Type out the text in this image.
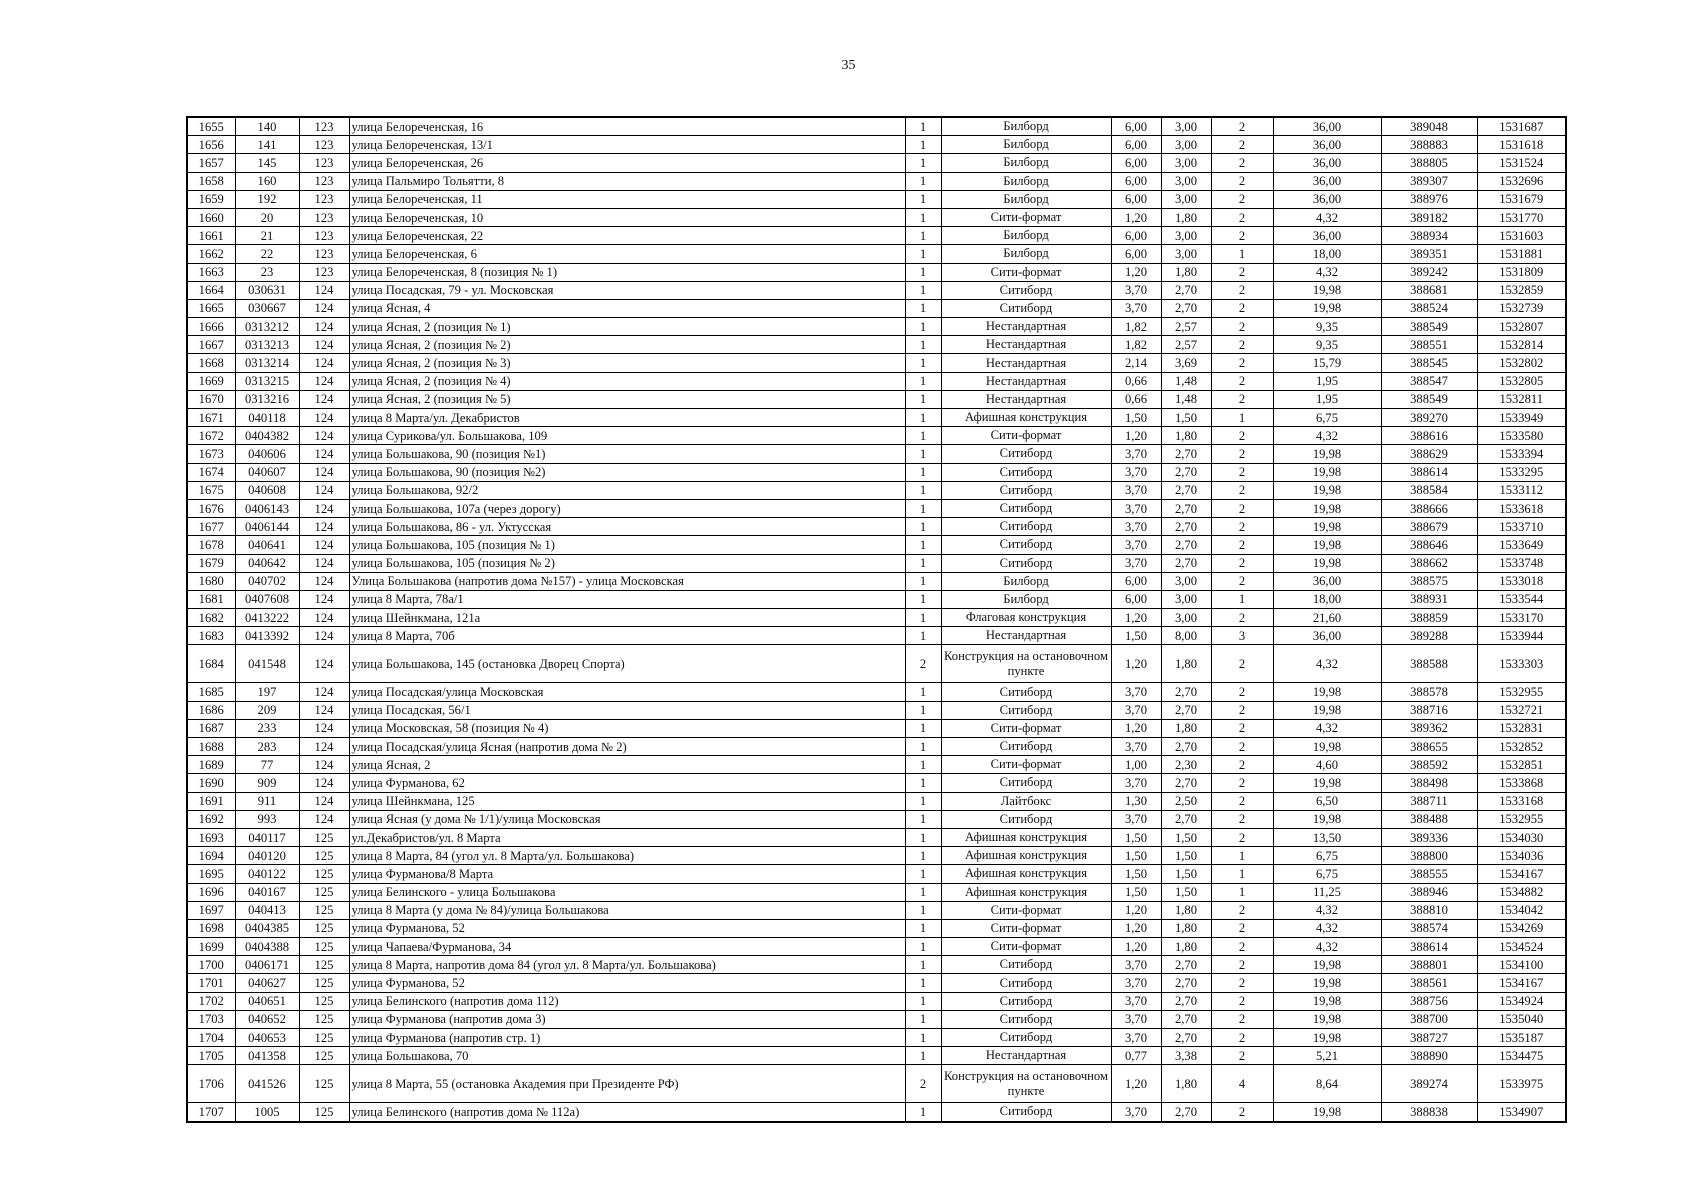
35
1655	140	123	улица Белореченская, 16	1	Билборд	6,00	3,00	2	36,00	389048	1531687
1656	141	123	улица Белореченская, 13/1	1	Билборд	6,00	3,00	2	36,00	388883	1531618
1657	145	123	улица Белореченская, 26	1	Билборд	6,00	3,00	2	36,00	388805	1531524
1658	160	123	улица Пальмиро Тольятти, 8	1	Билборд	6,00	3,00	2	36,00	389307	1532696
1659	192	123	улица Белореченская, 11	1	Билборд	6,00	3,00	2	36,00	388976	1531679
1660	20	123	улица Белореченская, 10	1	Сити-формат	1,20	1,80	2	4,32	389182	1531770
1661	21	123	улица Белореченская, 22	1	Билборд	6,00	3,00	2	36,00	388934	1531603
1662	22	123	улица Белореченская, 6	1	Билборд	6,00	3,00	1	18,00	389351	1531881
1663	23	123	улица Белореченская, 8 (позиция № 1)	1	Сити-формат	1,20	1,80	2	4,32	389242	1531809
1664	030631	124	улица Посадская, 79 - ул. Московская	1	Ситиборд	3,70	2,70	2	19,98	388681	1532859
1665	030667	124	улица Ясная, 4	1	Ситиборд	3,70	2,70	2	19,98	388524	1532739
1666	0313212	124	улица Ясная, 2 (позиция № 1)	1	Нестандартная	1,82	2,57	2	9,35	388549	1532807
1667	0313213	124	улица Ясная, 2 (позиция № 2)	1	Нестандартная	1,82	2,57	2	9,35	388551	1532814
1668	0313214	124	улица Ясная, 2 (позиция № 3)	1	Нестандартная	2,14	3,69	2	15,79	388545	1532802
1669	0313215	124	улица Ясная, 2 (позиция № 4)	1	Нестандартная	0,66	1,48	2	1,95	388547	1532805
1670	0313216	124	улица Ясная, 2 (позиция № 5)	1	Нестандартная	0,66	1,48	2	1,95	388549	1532811
1671	040118	124	улица 8 Марта/ул. Декабристов	1	Афишная конструкция	1,50	1,50	1	6,75	389270	1533949
1672	0404382	124	улица Сурикова/ул. Большакова, 109	1	Сити-формат	1,20	1,80	2	4,32	388616	1533580
1673	040606	124	улица Большакова, 90 (позиция №1)	1	Ситиборд	3,70	2,70	2	19,98	388629	1533394
1674	040607	124	улица Большакова, 90 (позиция №2)	1	Ситиборд	3,70	2,70	2	19,98	388614	1533295
1675	040608	124	улица Большакова, 92/2	1	Ситиборд	3,70	2,70	2	19,98	388584	1533112
1676	0406143	124	улица Большакова, 107а (через дорогу)	1	Ситиборд	3,70	2,70	2	19,98	388666	1533618
1677	0406144	124	улица Большакова, 86 - ул. Уктусская	1	Ситиборд	3,70	2,70	2	19,98	388679	1533710
1678	040641	124	улица Большакова, 105 (позиция № 1)	1	Ситиборд	3,70	2,70	2	19,98	388646	1533649
1679	040642	124	улица Большакова, 105 (позиция № 2)	1	Ситиборд	3,70	2,70	2	19,98	388662	1533748
1680	040702	124	Улица Большакова (напротив дома №157) - улица Московская	1	Билборд	6,00	3,00	2	36,00	388575	1533018
1681	0407608	124	улица 8 Марта, 78а/1	1	Билборд	6,00	3,00	1	18,00	388931	1533544
1682	0413222	124	улица Шейнкмана, 121а	1	Флаговая конструкция	1,20	3,00	2	21,60	388859	1533170
1683	0413392	124	улица 8 Марта, 70б	1	Нестандартная	1,50	8,00	3	36,00	389288	1533944
1684	041548	124	улица Большакова, 145 (остановка Дворец Спорта)	2	Конструкция на остановочном пункте	1,20	1,80	2	4,32	388588	1533303
1685	197	124	улица Посадская/улица Московская	1	Ситиборд	3,70	2,70	2	19,98	388578	1532955
1686	209	124	улица Посадская, 56/1	1	Ситиборд	3,70	2,70	2	19,98	388716	1532721
1687	233	124	улица Московская, 58 (позиция № 4)	1	Сити-формат	1,20	1,80	2	4,32	389362	1532831
1688	283	124	улица Посадская/улица Ясная (напротив дома № 2)	1	Ситиборд	3,70	2,70	2	19,98	388655	1532852
1689	77	124	улица Ясная, 2	1	Сити-формат	1,00	2,30	2	4,60	388592	1532851
1690	909	124	улица Фурманова, 62	1	Ситиборд	3,70	2,70	2	19,98	388498	1533868
1691	911	124	улица Шейнкмана, 125	1	Лайтбокс	1,30	2,50	2	6,50	388711	1533168
1692	993	124	улица Ясная (у дома № 1/1)/улица Московская	1	Ситиборд	3,70	2,70	2	19,98	388488	1532955
1693	040117	125	ул.Декабристов/ул. 8 Марта	1	Афишная конструкция	1,50	1,50	2	13,50	389336	1534030
1694	040120	125	улица 8 Марта, 84 (угол ул. 8 Марта/ул. Большакова)	1	Афишная конструкция	1,50	1,50	1	6,75	388800	1534036
1695	040122	125	улица Фурманова/8 Марта	1	Афишная конструкция	1,50	1,50	1	6,75	388555	1534167
1696	040167	125	улица Белинского - улица Большакова	1	Афишная конструкция	1,50	1,50	1	11,25	388946	1534882
1697	040413	125	улица 8 Марта (у дома № 84)/улица Большакова	1	Сити-формат	1,20	1,80	2	4,32	388810	1534042
1698	0404385	125	улица Фурманова, 52	1	Сити-формат	1,20	1,80	2	4,32	388574	1534269
1699	0404388	125	улица Чапаева/Фурманова, 34	1	Сити-формат	1,20	1,80	2	4,32	388614	1534524
1700	0406171	125	улица 8 Марта, напротив дома 84 (угол ул. 8 Марта/ул. Большакова)	1	Ситиборд	3,70	2,70	2	19,98	388801	1534100
1701	040627	125	улица Фурманова, 52	1	Ситиборд	3,70	2,70	2	19,98	388561	1534167
1702	040651	125	улица Белинского (напротив дома 112)	1	Ситиборд	3,70	2,70	2	19,98	388756	1534924
1703	040652	125	улица Фурманова (напротив дома 3)	1	Ситиборд	3,70	2,70	2	19,98	388700	1535040
1704	040653	125	улица Фурманова (напротив стр. 1)	1	Ситиборд	3,70	2,70	2	19,98	388727	1535187
1705	041358	125	улица Большакова, 70	1	Нестандартная	0,77	3,38	2	5,21	388890	1534475
1706	041526	125	улица 8 Марта, 55 (остановка Академия при Президенте РФ)	2	Конструкция на остановочном пункте	1,20	1,80	4	8,64	389274	1533975
1707	1005	125	улица Белинского (напротив дома № 112а)	1	Ситиборд	3,70	2,70	2	19,98	388838	1534907
